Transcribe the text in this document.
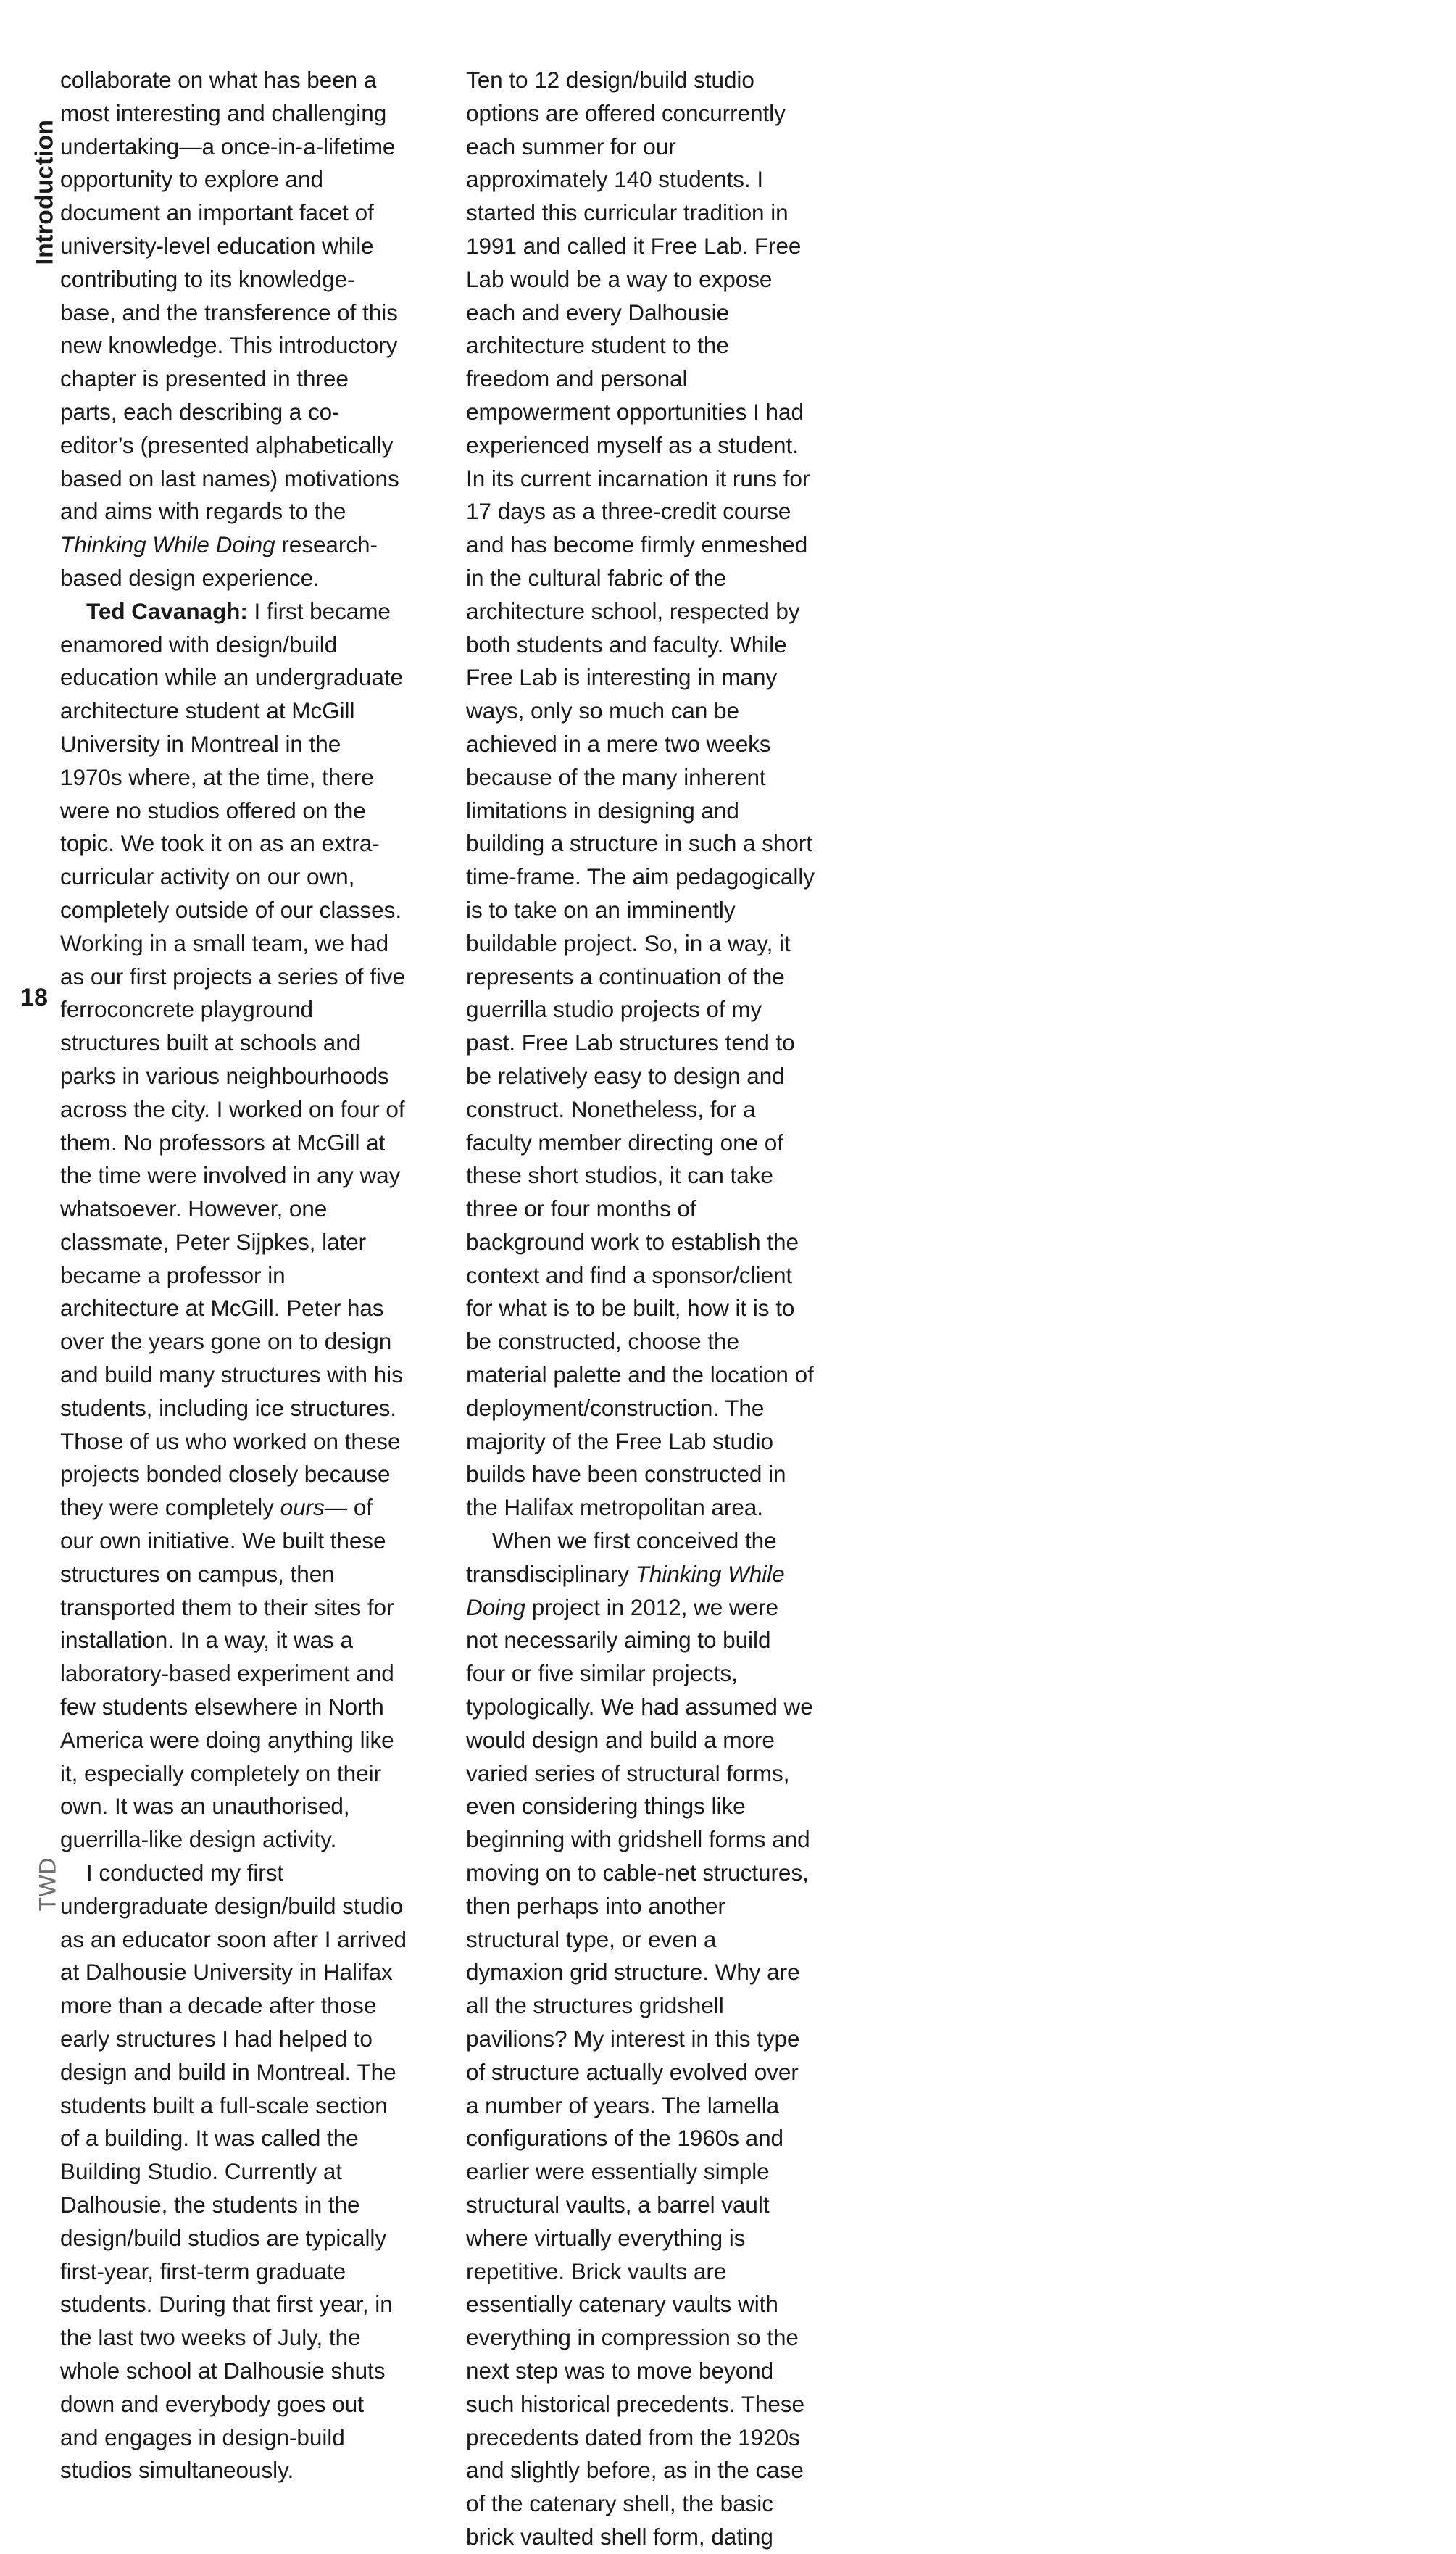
Introduction
18
TWD
collaborate on what has been a most interesting and challenging undertaking—a once-in-a-lifetime opportunity to explore and document an important facet of university-level education while contributing to its knowledge-base, and the transference of this new knowledge. This introductory chapter is presented in three parts, each describing a co-editor’s (presented alphabetically based on last names) motivations and aims with regards to the Thinking While Doing research-based design experience.
Ted Cavanagh: I first became enamored with design/build education while an undergraduate architecture student at McGill University in Montreal in the 1970s where, at the time, there were no studios offered on the topic. We took it on as an extra-curricular activity on our own, completely outside of our classes. Working in a small team, we had as our first projects a series of five ferroconcrete playground structures built at schools and parks in various neighbourhoods across the city. I worked on four of them. No professors at McGill at the time were involved in any way whatsoever. However, one classmate, Peter Sijpkes, later became a professor in architecture at McGill. Peter has over the years gone on to design and build many structures with his students, including ice structures. Those of us who worked on these projects bonded closely because they were completely ours— of our own initiative. We built these structures on campus, then transported them to their sites for installation. In a way, it was a laboratory-based experiment and few students elsewhere in North America were doing anything like it, especially completely on their own. It was an unauthorised, guerrilla-like design activity.
I conducted my first undergraduate design/build studio as an educator soon after I arrived at Dalhousie University in Halifax more than a decade after those early structures I had helped to design and build in Montreal. The students built a full-scale section of a building. It was called the Building Studio. Currently at Dalhousie, the students in the design/build studios are typically first-year, first-term graduate students. During that first year, in the last two weeks of July, the whole school at Dalhousie shuts down and everybody goes out and engages in design-build studios simultaneously.
Ten to 12 design/build studio options are offered concurrently each summer for our approximately 140 students. I started this curricular tradition in 1991 and called it Free Lab. Free Lab would be a way to expose each and every Dalhousie architecture student to the freedom and personal empowerment opportunities I had experienced myself as a student. In its current incarnation it runs for 17 days as a three-credit course and has become firmly enmeshed in the cultural fabric of the architecture school, respected by both students and faculty. While Free Lab is interesting in many ways, only so much can be achieved in a mere two weeks because of the many inherent limitations in designing and building a structure in such a short time-frame. The aim pedagogically is to take on an imminently buildable project. So, in a way, it represents a continuation of the guerrilla studio projects of my past. Free Lab structures tend to be relatively easy to design and construct. Nonetheless, for a faculty member directing one of these short studios, it can take three or four months of background work to establish the context and find a sponsor/client for what is to be built, how it is to be constructed, choose the material palette and the location of deployment/construction. The majority of the Free Lab studio builds have been constructed in the Halifax metropolitan area.
When we first conceived the transdisciplinary Thinking While Doing project in 2012, we were not necessarily aiming to build four or five similar projects, typologically. We had assumed we would design and build a more varied series of structural forms, even considering things like beginning with gridshell forms and moving on to cable-net structures, then perhaps into another structural type, or even a dymaxion grid structure. Why are all the structures gridshell pavilions? My interest in this type of structure actually evolved over a number of years. The lamella configurations of the 1960s and earlier were essentially simple structural vaults, a barrel vault where virtually everything is repetitive. Brick vaults are essentially catenary vaults with everything in compression so the next step was to move beyond such historical precedents. These precedents dated from the 1920s and slightly before, as in the case of the catenary shell, the basic brick vaulted shell form, dating
